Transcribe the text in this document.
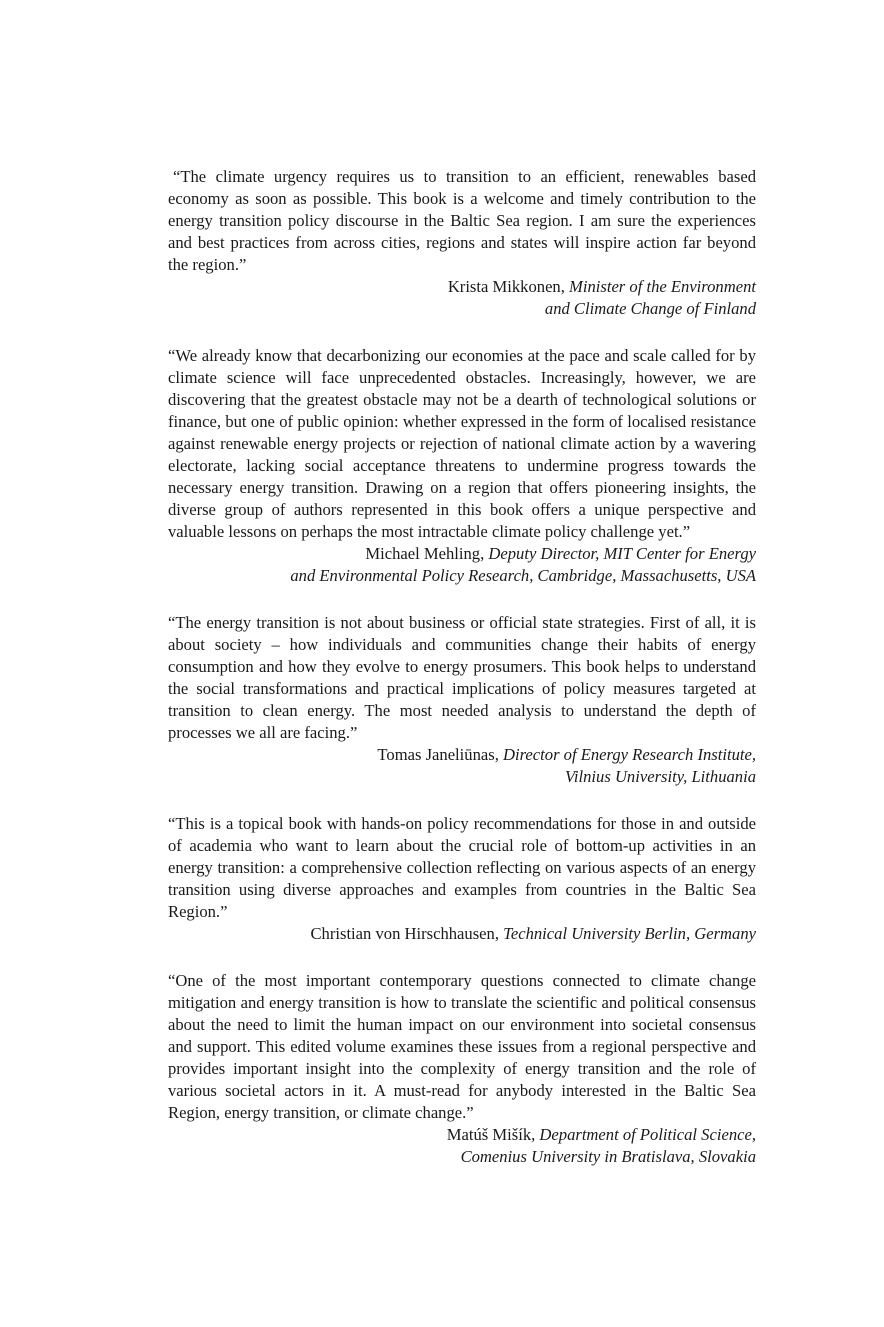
“The climate urgency requires us to transition to an efficient, renewables based economy as soon as possible. This book is a welcome and timely contribution to the energy transition policy discourse in the Baltic Sea region. I am sure the experiences and best practices from across cities, regions and states will inspire action far beyond the region.”

Krista Mikkonen, Minister of the Environment
and Climate Change of Finland

“We already know that decarbonizing our economies at the pace and scale called for by climate science will face unprecedented obstacles. Increasingly, however, we are discovering that the greatest obstacle may not be a dearth of technological solutions or finance, but one of public opinion: whether expressed in the form of localised resistance against renewable energy projects or rejection of national climate action by a wavering electorate, lacking social acceptance threatens to undermine progress towards the necessary energy transition. Drawing on a region that offers pioneering insights, the diverse group of authors represented in this book offers a unique perspective and valuable lessons on perhaps the most intractable climate policy challenge yet.”

Michael Mehling, Deputy Director, MIT Center for Energy
and Environmental Policy Research, Cambridge, Massachusetts, USA

“The energy transition is not about business or official state strategies. First of all, it is about society – how individuals and communities change their habits of energy consumption and how they evolve to energy prosumers. This book helps to understand the social transformations and practical implications of policy measures targeted at transition to clean energy. The most needed analysis to understand the depth of processes we all are facing.”

Tomas Janeliūnas, Director of Energy Research Institute,
Vilnius University, Lithuania

“This is a topical book with hands-on policy recommendations for those in and outside of academia who want to learn about the crucial role of bottom-up activities in an energy transition: a comprehensive collection reflecting on various aspects of an energy transition using diverse approaches and examples from countries in the Baltic Sea Region.”

Christian von Hirschhausen, Technical University Berlin, Germany

“One of the most important contemporary questions connected to climate change mitigation and energy transition is how to translate the scientific and political consensus about the need to limit the human impact on our environment into societal consensus and support. This edited volume examines these issues from a regional perspective and provides important insight into the complexity of energy transition and the role of various societal actors in it. A must-read for anybody interested in the Baltic Sea Region, energy transition, or climate change.”

Matúš Mišík, Department of Political Science,
Comenius University in Bratislava, Slovakia
